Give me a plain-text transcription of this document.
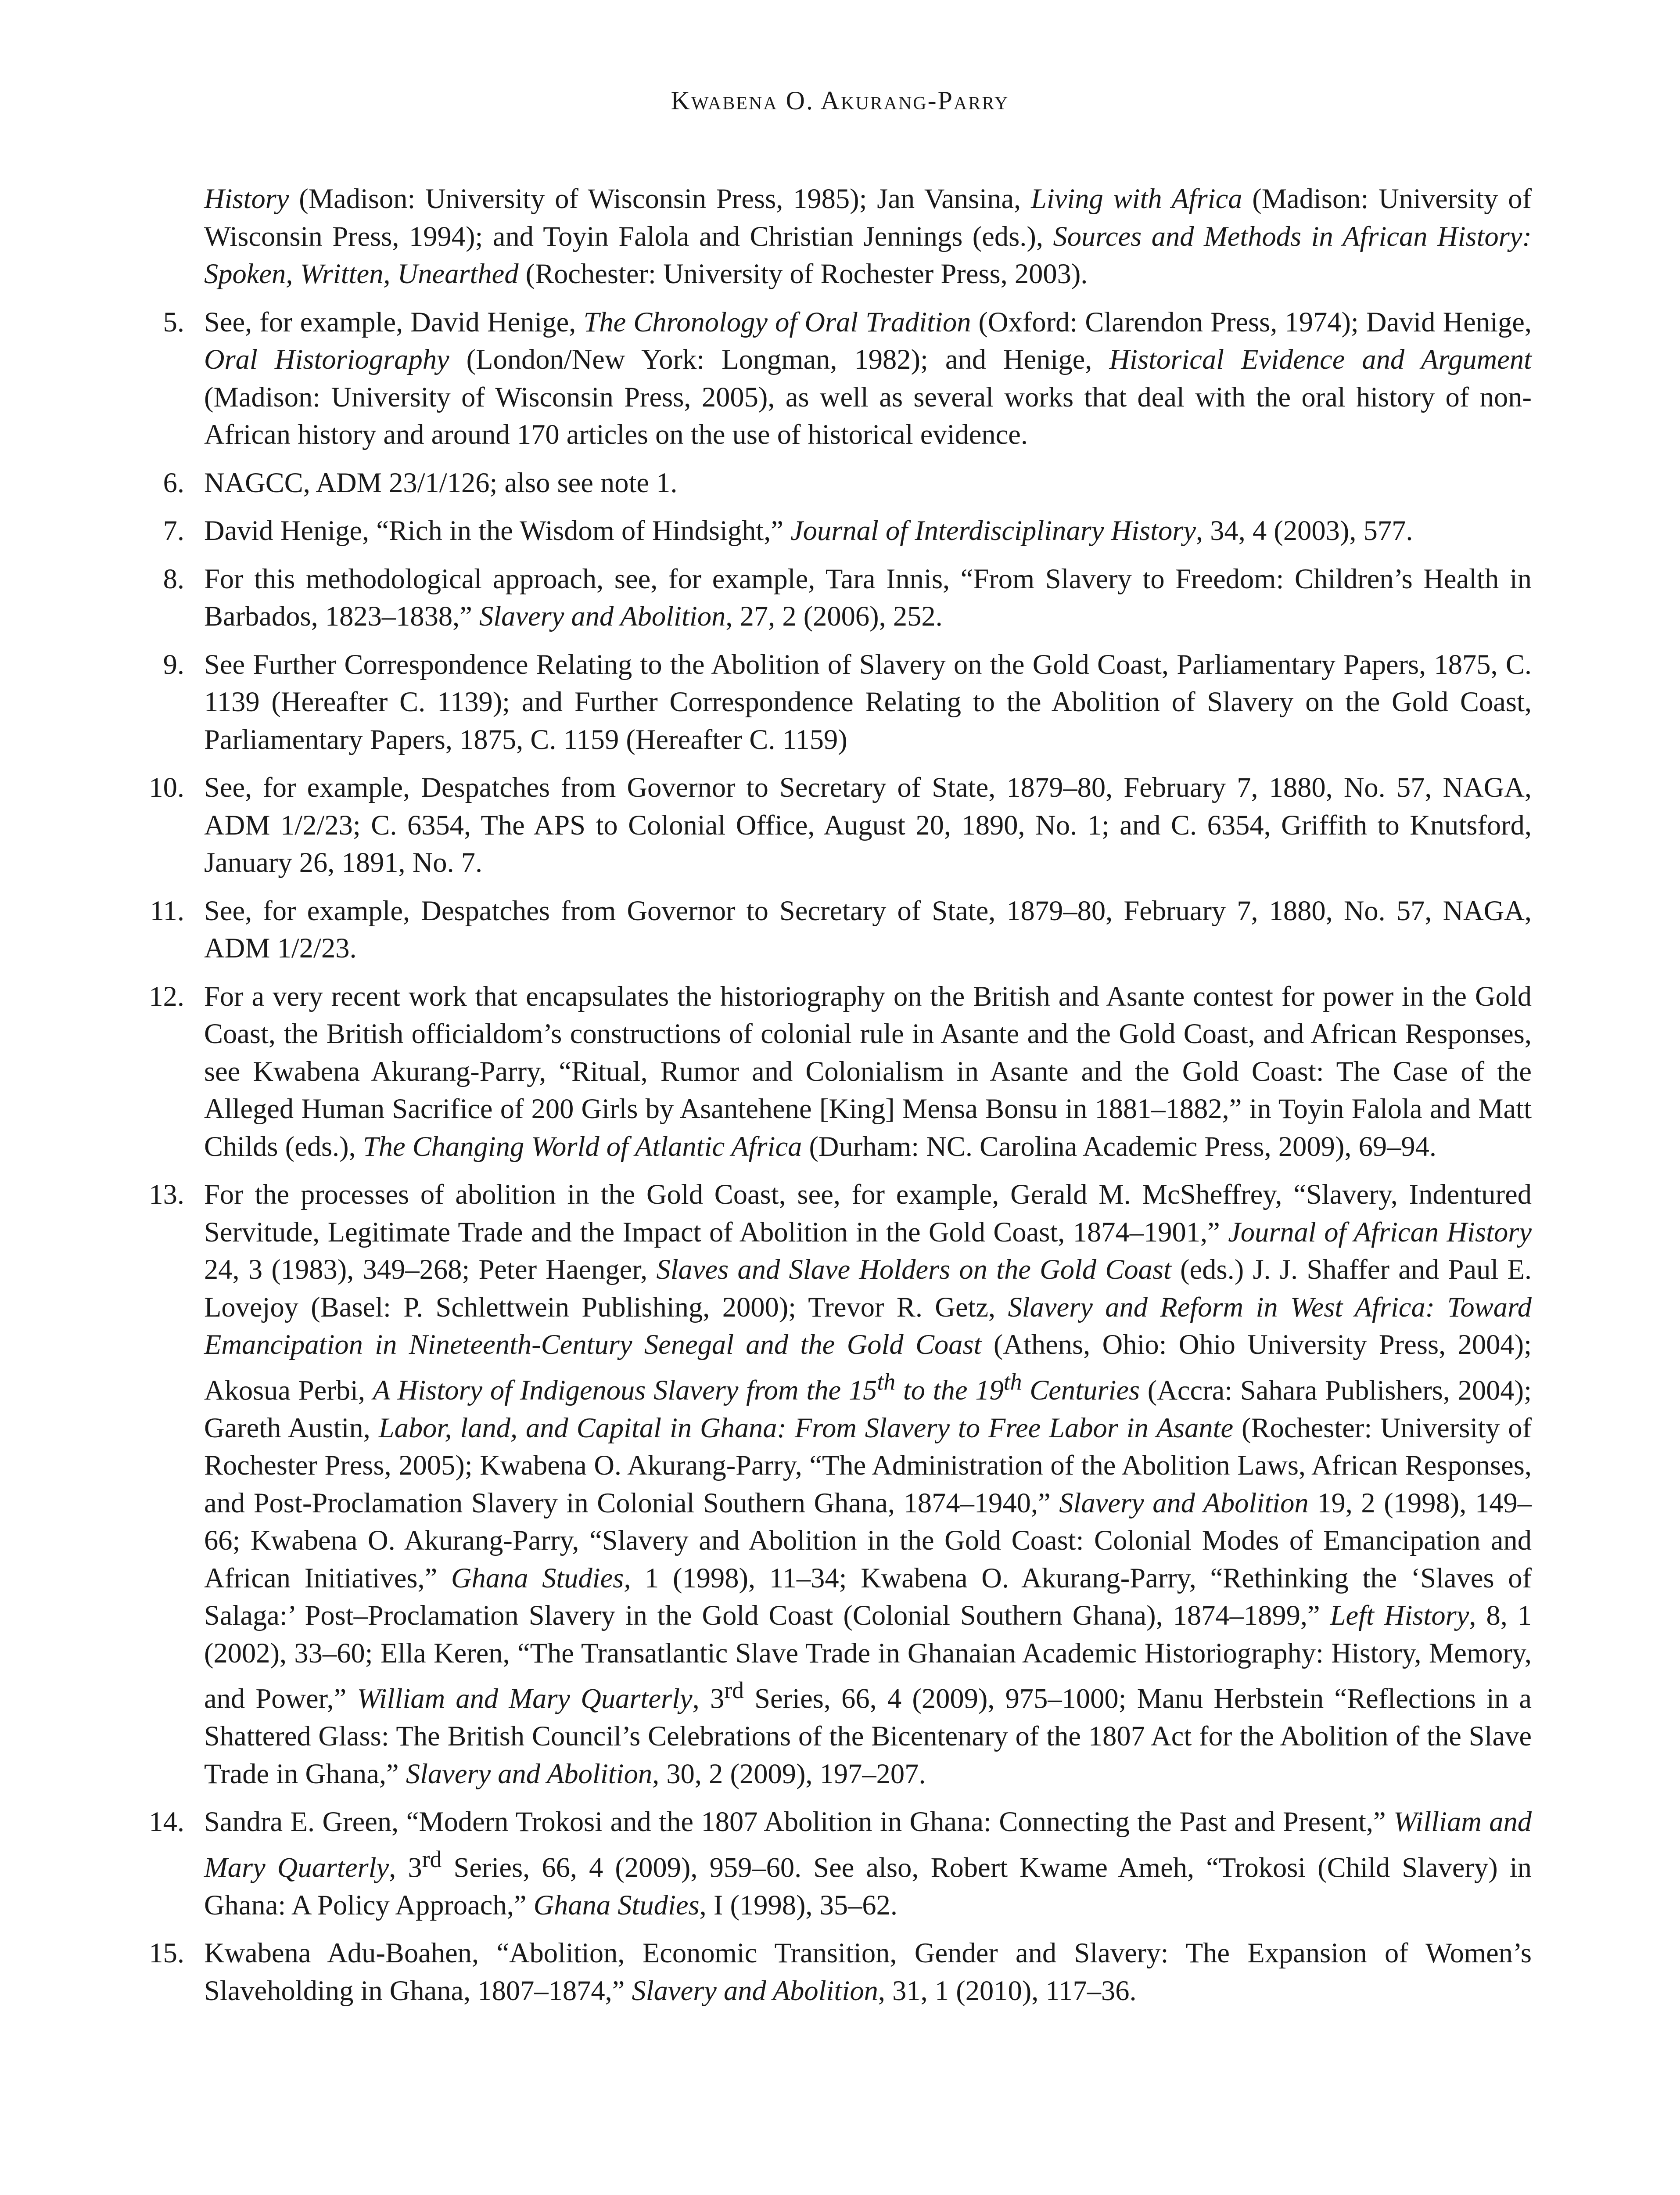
Kwabena O. Akurang-Parry
History (Madison: University of Wisconsin Press, 1985); Jan Vansina, Living with Africa (Madison: University of Wisconsin Press, 1994); and Toyin Falola and Christian Jennings (eds.), Sources and Methods in African History: Spoken, Written, Unearthed (Rochester: University of Rochester Press, 2003).
5. See, for example, David Henige, The Chronology of Oral Tradition (Oxford: Clarendon Press, 1974); David Henige, Oral Historiography (London/New York: Longman, 1982); and Henige, Historical Evidence and Argument (Madison: University of Wisconsin Press, 2005), as well as several works that deal with the oral history of non-African history and around 170 articles on the use of historical evidence.
6. NAGCC, ADM 23/1/126; also see note 1.
7. David Henige, “Rich in the Wisdom of Hindsight,” Journal of Interdisciplinary History, 34, 4 (2003), 577.
8. For this methodological approach, see, for example, Tara Innis, “From Slavery to Freedom: Children’s Health in Barbados, 1823–1838,” Slavery and Abolition, 27, 2 (2006), 252.
9. See Further Correspondence Relating to the Abolition of Slavery on the Gold Coast, Parliamentary Papers, 1875, C. 1139 (Hereafter C. 1139); and Further Correspondence Relating to the Abolition of Slavery on the Gold Coast, Parliamentary Papers, 1875, C. 1159 (Hereafter C. 1159)
10. See, for example, Despatches from Governor to Secretary of State, 1879–80, February 7, 1880, No. 57, NAGA, ADM 1/2/23; C. 6354, The APS to Colonial Office, August 20, 1890, No. 1; and C. 6354, Griffith to Knutsford, January 26, 1891, No. 7.
11. See, for example, Despatches from Governor to Secretary of State, 1879–80, February 7, 1880, No. 57, NAGA, ADM 1/2/23.
12. For a very recent work that encapsulates the historiography on the British and Asante contest for power in the Gold Coast, the British officialdom’s constructions of colonial rule in Asante and the Gold Coast, and African Responses, see Kwabena Akurang-Parry, “Ritual, Rumor and Colonialism in Asante and the Gold Coast: The Case of the Alleged Human Sacrifice of 200 Girls by Asantehene [King] Mensa Bonsu in 1881–1882,” in Toyin Falola and Matt Childs (eds.), The Changing World of Atlantic Africa (Durham: NC. Carolina Academic Press, 2009), 69–94.
13. For the processes of abolition in the Gold Coast, see, for example, Gerald M. McSheffrey, “Slavery, Indentured Servitude, Legitimate Trade and the Impact of Abolition in the Gold Coast, 1874–1901,” Journal of African History 24, 3 (1983), 349–268; Peter Haenger, Slaves and Slave Holders on the Gold Coast (eds.) J. J. Shaffer and Paul E. Lovejoy (Basel: P. Schlettwein Publishing, 2000); Trevor R. Getz, Slavery and Reform in West Africa: Toward Emancipation in Nineteenth-Century Senegal and the Gold Coast (Athens, Ohio: Ohio University Press, 2004); Akosua Perbi, A History of Indigenous Slavery from the 15th to the 19th Centuries (Accra: Sahara Publishers, 2004); Gareth Austin, Labor, land, and Capital in Ghana: From Slavery to Free Labor in Asante (Rochester: University of Rochester Press, 2005); Kwabena O. Akurang-Parry, “The Administration of the Abolition Laws, African Responses, and Post-Proclamation Slavery in Colonial Southern Ghana, 1874–1940,” Slavery and Abolition 19, 2 (1998), 149–66; Kwabena O. Akurang-Parry, “Slavery and Abolition in the Gold Coast: Colonial Modes of Emancipation and African Initiatives,” Ghana Studies, 1 (1998), 11–34; Kwabena O. Akurang-Parry, “Rethinking the ‘Slaves of Salaga:’ Post–Proclamation Slavery in the Gold Coast (Colonial Southern Ghana), 1874–1899,” Left History, 8, 1 (2002), 33–60; Ella Keren, “The Transatlantic Slave Trade in Ghanaian Academic Historiography: History, Memory, and Power,” William and Mary Quarterly, 3rd Series, 66, 4 (2009), 975–1000; Manu Herbstein “Reflections in a Shattered Glass: The British Council’s Celebrations of the Bicentenary of the 1807 Act for the Abolition of the Slave Trade in Ghana,” Slavery and Abolition, 30, 2 (2009), 197–207.
14. Sandra E. Green, “Modern Trokosi and the 1807 Abolition in Ghana: Connecting the Past and Present,” William and Mary Quarterly, 3rd Series, 66, 4 (2009), 959–60. See also, Robert Kwame Ameh, “Trokosi (Child Slavery) in Ghana: A Policy Approach,” Ghana Studies, I (1998), 35–62.
15. Kwabena Adu-Boahen, “Abolition, Economic Transition, Gender and Slavery: The Expansion of Women’s Slaveholding in Ghana, 1807–1874,” Slavery and Abolition, 31, 1 (2010), 117–36.
